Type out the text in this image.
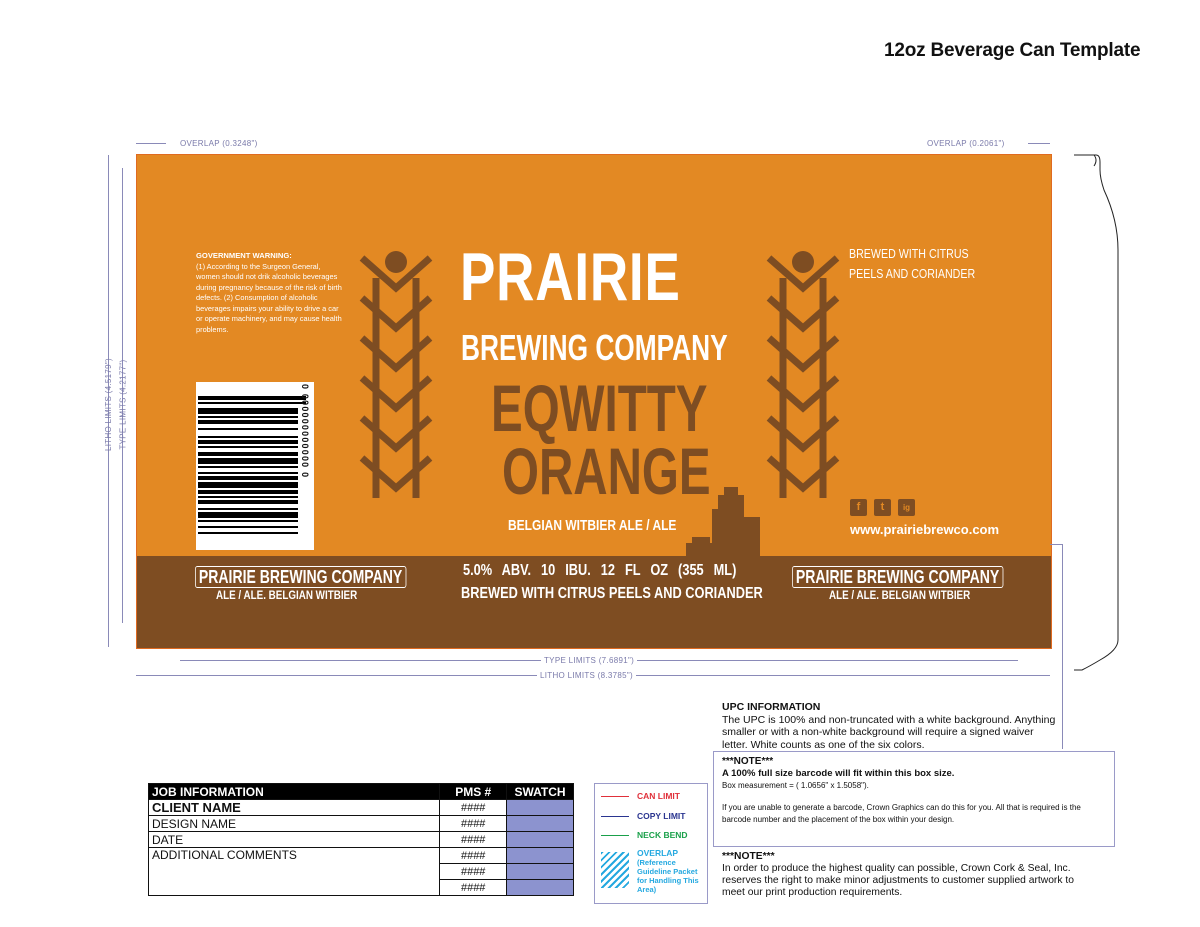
12oz Beverage Can Template
OVERLAP (0.3248")	OVERLAP (0.2061")
LITHO LIMITS (4.5179") TYPE LIMITS (4.2177")
GOVERNMENT WARNING:
(1) According to the Surgeon General, women should not drik alcoholic beverages during pregnancy because of the risk of birth defects. (2) Consumption of alcoholic beverages impairs your ability to drive a car or operate machinery, and may cause health problems.
0 000000000000 0
PRAIRIE
BREWING COMPANY
EQWITTY
ORANGE
BELGIAN WITBIER ALE / ALE
BREWED WITH CITRUS PEELS AND CORIANDER
f	t	ig
www.prairiebrewco.com
PRAIRIE BREWING COMPANY
ALE / ALE. BELGIAN WITBIER
5.0% ABV. 10 IBU. 12 FL OZ (355 ML)
BREWED WITH CITRUS PEELS AND CORIANDER
PRAIRIE BREWING COMPANY
ALE / ALE. BELGIAN WITBIER
TYPE LIMITS (7.6891")
LITHO LIMITS (8.3785")
UPC INFORMATION
The UPC is 100% and non-truncated with a white background. Anything smaller or with a non-white background will require a signed waiver letter. White counts as one of the six colors.
***NOTE***
A 100% full size barcode will fit within this box size.
Box measurement = ( 1.0656" x 1.5058").

If you are unable to generate a barcode, Crown Graphics can do this for you. All that is required is the barcode number and the placement of the box within your design.
***NOTE***
In order to produce the highest quality can possible, Crown Cork & Seal, Inc. reserves the right to make minor adjustments to customer supplied artwork to meet our print production requirements.
JOB INFORMATION	PMS #	SWATCH
CLIENT NAME	####	
DESIGN NAME	####	
DATE	####	
ADDITIONAL COMMENTS	####	
	####	
	####	
CAN LIMIT
COPY LIMIT
NECK BEND
OVERLAP
(Reference Guideline Packet for Handling This Area)
